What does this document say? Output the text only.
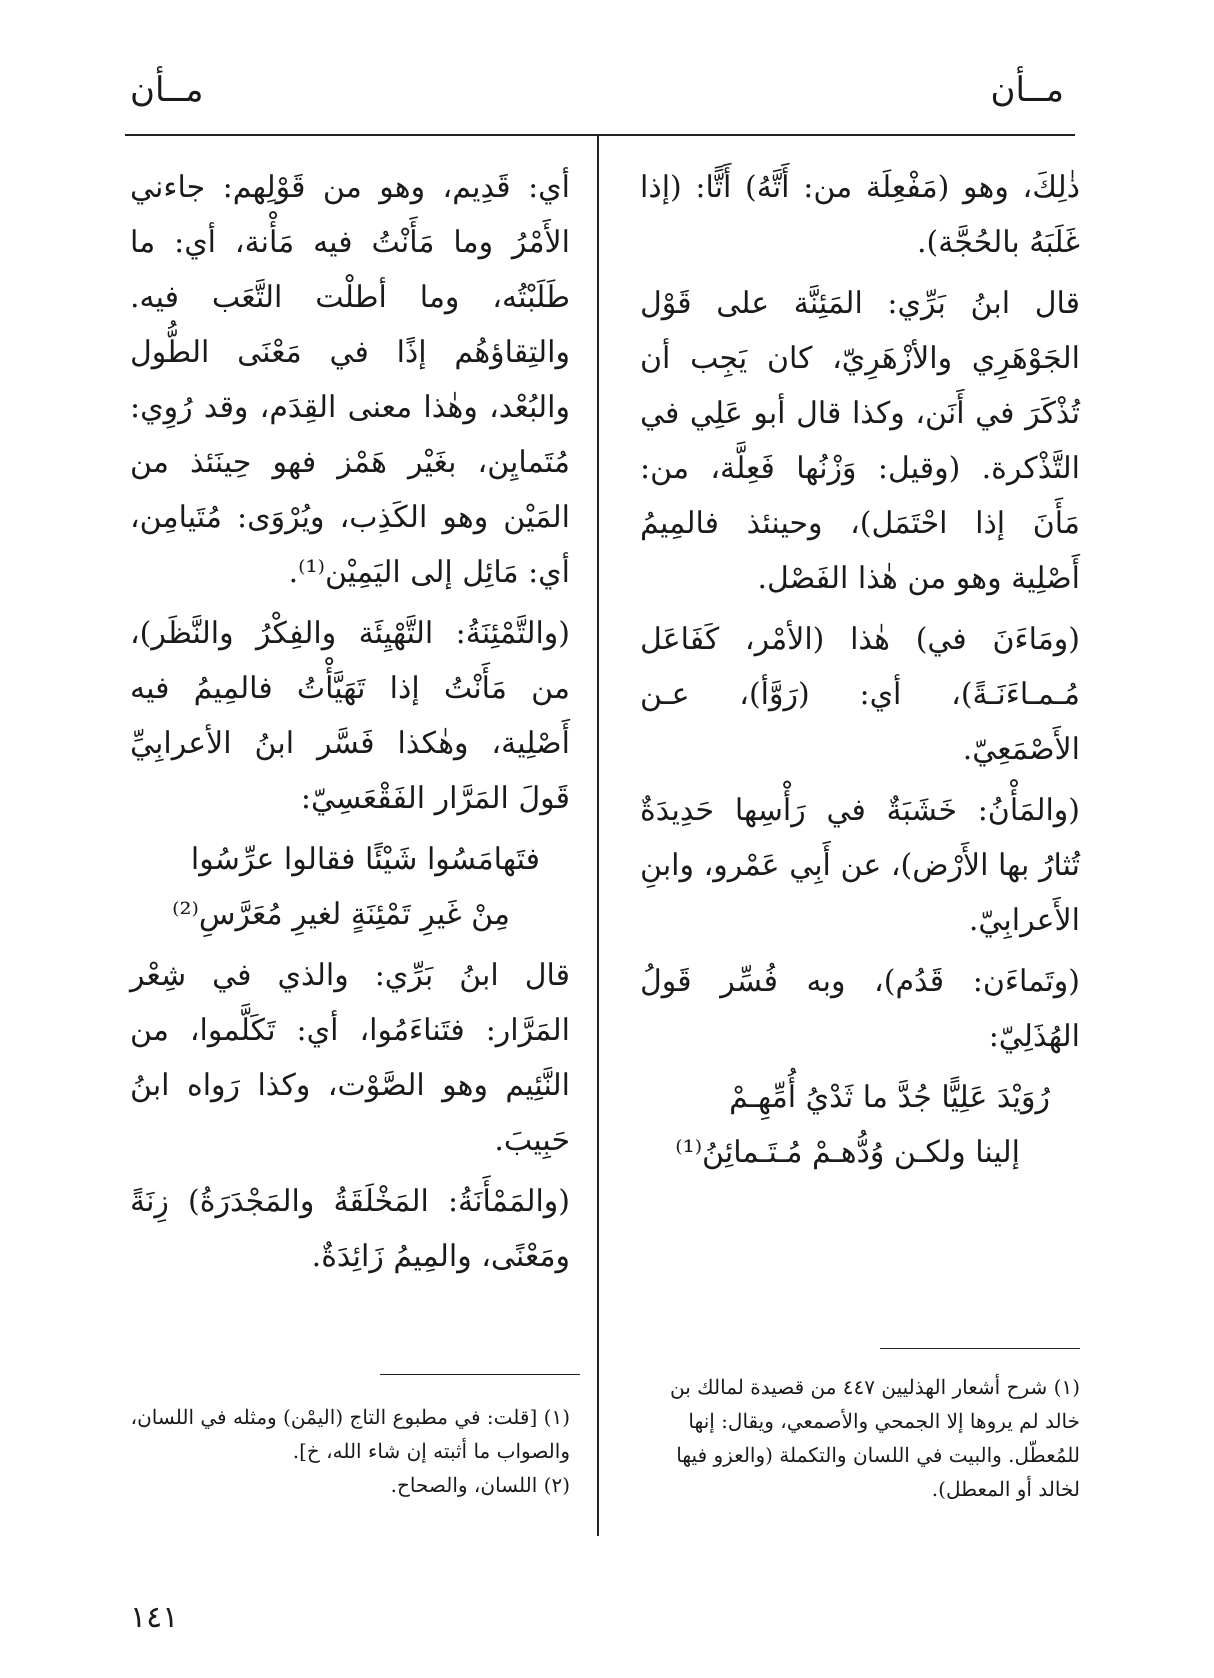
مــأن	مــأن

ذٰلِكَ، وهو (مَفْعِلَة من: أَتَّهُ) أَتًّا: (إذا غَلَبَهُ بالحُجَّة).

قال ابنُ بَرِّي: المَئِنَّة على قَوْل الجَوْهَرِي والأزْهَرِيّ، كان يَجِب أن تُذْكَرَ في أَنَن، وكذا قال أبو عَلِي في التَّذْكرة. (وقيل: وَزْنُها فَعِلَّة، من: مَأَنَ إذا احْتَمَل)، وحينئذ فالمِيمُ أَصْلِية وهو من هٰذا الفَصْل.

(ومَاءَنَ في) هٰذا (الأمْر، كَفَاعَل مُـمـاءَنَـةً)، أي: (رَوَّأ)، عـن الأَصْمَعِيّ.

(والمَأْنُ: خَشَبَةٌ في رَأْسِها حَدِيدَةٌ تُثارُ بها الأَرْض)، عن أَبِي عَمْرو، وابنِ الأَعرابِيّ.

(وتَماءَن: قَدُم)، وبه فُسِّر قَولُ الهُذَلِيّ:

رُوَيْدَ عَلِيًّا جُدَّ ما ثَدْيُ أُمِّهِـمْ

إلينا ولكـن وُدُّهـمْ مُـتَـمائِنُ⁽¹⁾

(١) شرح أشعار الهذليين ٤٤٧ من قصيدة لمالك بن خالد لم يروها إلا الجمحي والأصمعي، ويقال: إنها للمُعطّل. والبيت في اللسان والتكملة (والعزو فيها لخالد أو المعطل).

أي: قَدِيم، وهو من قَوْلِهم: جاءني الأَمْرُ وما مَأَنْتُ فيه مَأْنة، أي: ما طَلَبْتُه، وما أطلْت التَّعَب فيه. والتِقاؤهُم إذًا في مَعْنَى الطُّول والبُعْد، وهٰذا معنى القِدَم، وقد رُوِي: مُتَمايِن، بغَيْر هَمْز فهو حِينَئذ من المَيْن وهو الكَذِب، ويُرْوَى: مُتَيامِن، أي: مَائِل إلى اليَمِيْن⁽¹⁾.

(والتَّمْئِنَةُ: التَّهْيِئَة والفِكْرُ والنَّظَر)، من مَأَنْتُ إذا تَهَيَّأْتُ فالمِيمُ فيه أَصْلِية، وهٰكذا فَسَّر ابنُ الأعرابِيِّ قَولَ المَرَّار الفَقْعَسِيّ:

فتَهامَسُوا شَيْئًا فقالوا عرِّسُوا

مِنْ غَيرِ تَمْئِنَةٍ لغيرِ مُعَرَّسِ⁽²⁾

قال ابنُ بَرِّي: والذي في شِعْر المَرَّار: فتَناءَمُوا، أي: تَكَلَّموا، من النَّئِيم وهو الصَّوْت، وكذا رَواه ابنُ حَبِيبَ.

(والمَمْأَنَةُ: المَخْلَقَةُ والمَجْدَرَةُ) زِنَةً ومَعْنًى، والمِيمُ زَائِدَةٌ.

(١) [قلت: في مطبوع التاج (اليمْن) ومثله في اللسان، والصواب ما أثبته إن شاء الله، خ].

(٢) اللسان، والصحاح.

١٤١
